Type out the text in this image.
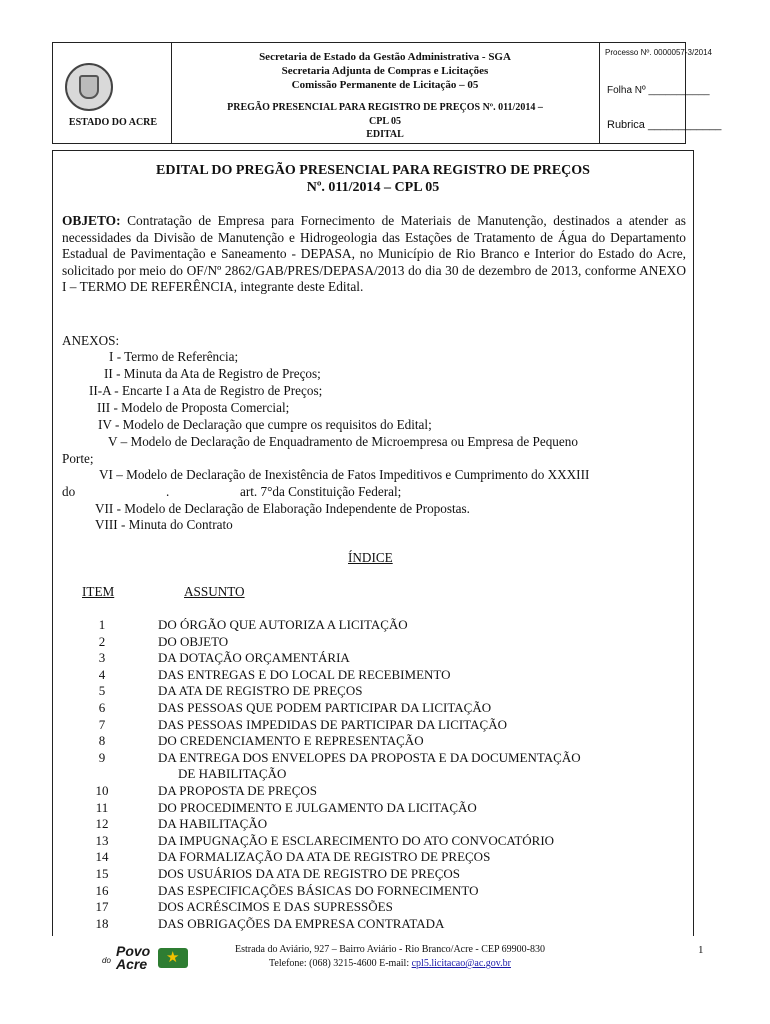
ESTADO DO ACRE
Secretaria de Estado da Gestão Administrativa - SGA
Secretaria Adjunta de Compras e Licitações
Comissão Permanente de Licitação – 05
PREGÃO PRESENCIAL PARA REGISTRO DE PREÇOS Nº. 011/2014 –
CPL 05
EDITAL
Processo Nº. 0000057-3/2014
Folha Nº ___________
Rubrica ____________
EDITAL DO PREGÃO PRESENCIAL PARA REGISTRO DE PREÇOS
Nº. 011/2014 – CPL 05
OBJETO: Contratação de Empresa para Fornecimento de Materiais de Manutenção, destinados a atender as necessidades da Divisão de Manutenção e Hidrogeologia das Estações de Tratamento de Água do Departamento Estadual de Pavimentação e Saneamento - DEPASA, no Município de Rio Branco e Interior do Estado do Acre, solicitado por meio do OF/Nº 2862/GAB/PRES/DEPASA/2013 do dia 30 de dezembro de 2013, conforme ANEXO I – TERMO DE REFERÊNCIA, integrante deste Edital.
ANEXOS:
I - Termo de Referência;
II - Minuta da Ata de Registro de Preços;
II-A - Encarte I a Ata de Registro de Preços;
III - Modelo de Proposta Comercial;
IV - Modelo de Declaração que cumpre os requisitos do Edital;
V – Modelo de Declaração de Enquadramento de Microempresa ou Empresa de Pequeno
Porte;
VI – Modelo de Declaração de Inexistência de Fatos Impeditivos e Cumprimento do XXXIII
do	.	art. 7°da Constituição Federal;
VII - Modelo de Declaração de Elaboração Independente de Propostas.
VIII - Minuta do Contrato
ÍNDICE
ITEM	ASSUNTO
1	DO ÓRGÃO QUE AUTORIZA A LICITAÇÃO
2	DO OBJETO
3	DA DOTAÇÃO ORÇAMENTÁRIA
4	DAS ENTREGAS E DO LOCAL DE RECEBIMENTO
5	DA ATA DE REGISTRO DE PREÇOS
6	DAS PESSOAS QUE PODEM PARTICIPAR DA LICITAÇÃO
7	DAS PESSOAS IMPEDIDAS DE PARTICIPAR DA LICITAÇÃO
8	DO CREDENCIAMENTO E REPRESENTAÇÃO
9	DA ENTREGA DOS ENVELOPES DA PROPOSTA E DA DOCUMENTAÇÃO
DE HABILITAÇÃO
10	DA PROPOSTA DE PREÇOS
11	DO PROCEDIMENTO E JULGAMENTO DA LICITAÇÃO
12	DA HABILITAÇÃO
13	DA IMPUGNAÇÃO E ESCLARECIMENTO DO ATO CONVOCATÓRIO
14	DA FORMALIZAÇÃO DA ATA DE REGISTRO DE PREÇOS
15	DOS USUÁRIOS DA ATA DE REGISTRO DE PREÇOS
16	DAS ESPECIFICAÇÕES BÁSICAS DO FORNECIMENTO
17	DOS ACRÉSCIMOS E DAS SUPRESSÕES
18	DAS OBRIGAÇÕES DA EMPRESA CONTRATADA
do
Povo
Acre
★
Estrada do Aviário, 927 – Bairro Aviário - Rio Branco/Acre - CEP 69900-830
Telefone: (068) 3215-4600 E-mail: cpl5.licitacao@ac.gov.br
1
